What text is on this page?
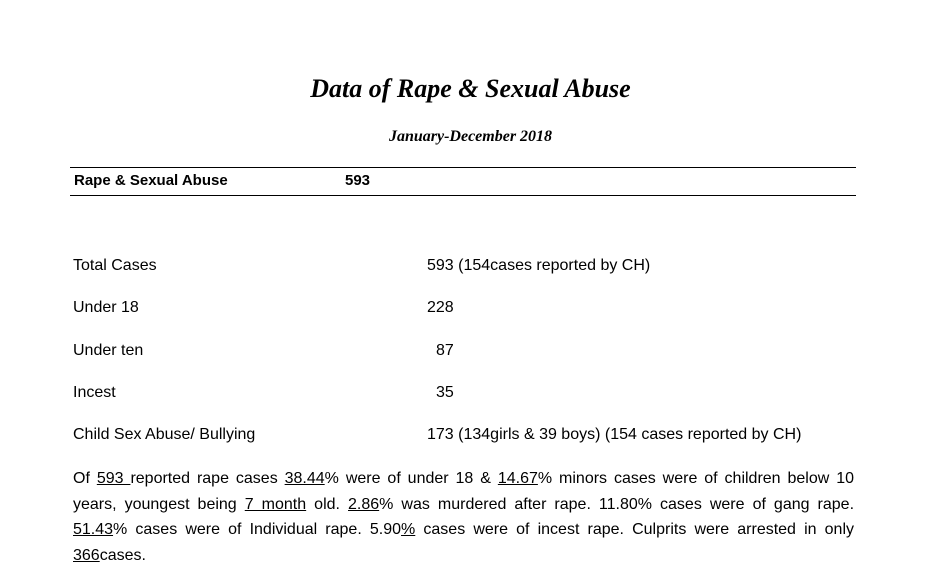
Data of Rape & Sexual Abuse
January-December 2018
Rape & Sexual Abuse	593
Total Cases	593 (154cases reported by CH)
Under 18	228
Under ten	87
Incest	35
Child Sex Abuse/ Bullying	173 (134girls & 39 boys) (154 cases reported by CH)
Of 593 reported rape cases 38.44% were of under 18 & 14.67% minors cases were of children below 10 years, youngest being 7 month old. 2.86% was murdered after rape. 11.80% cases were of gang rape. 51.43% cases were of Individual rape. 5.90% cases were of incest rape. Culprits were arrested in only 366cases.
